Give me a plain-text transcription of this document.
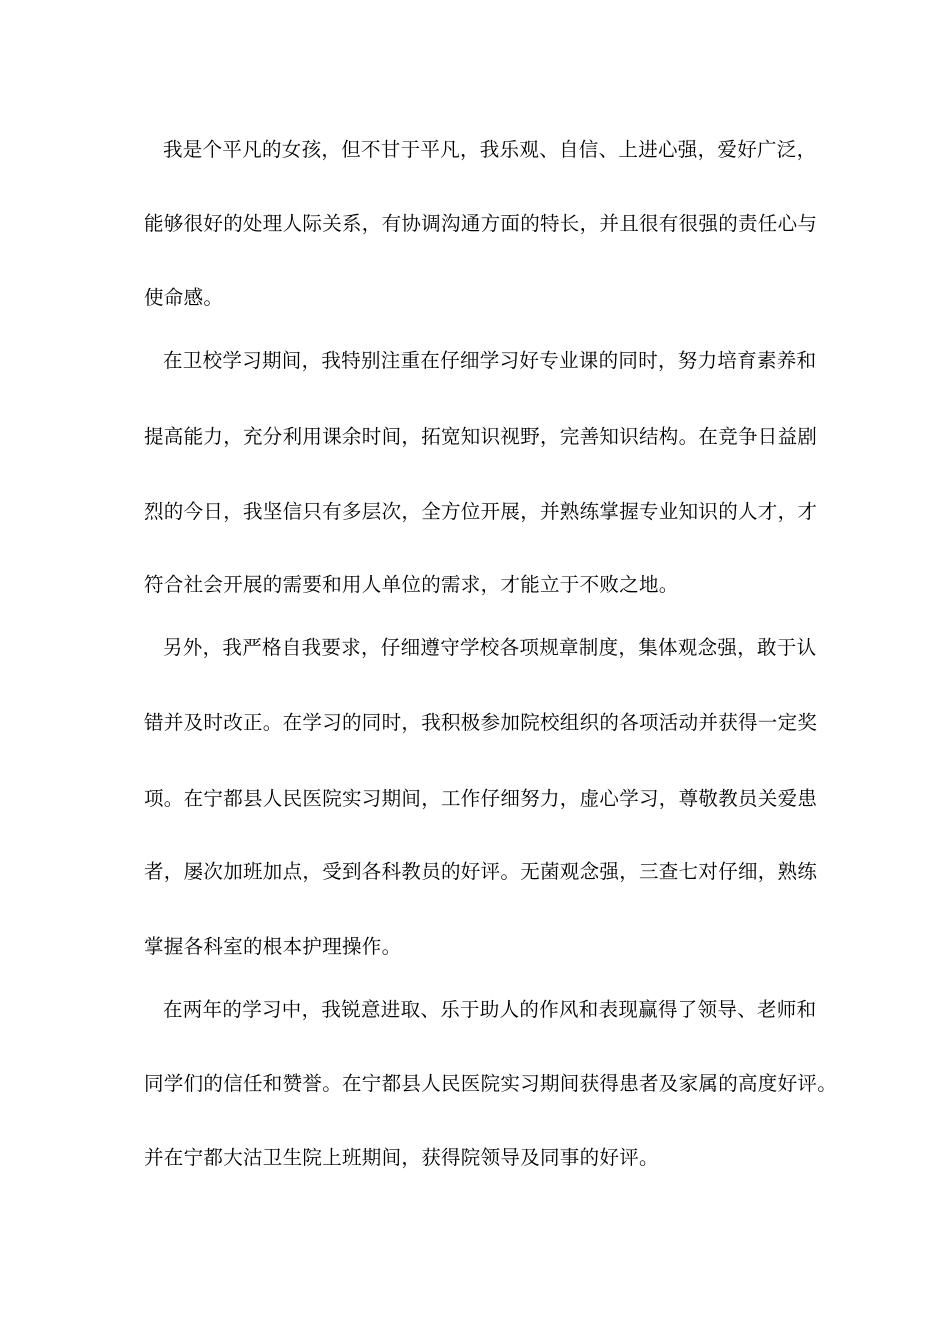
我是个平凡的女孩，但不甘于平凡，我乐观、自信、上进心强，爱好广泛，
能够很好的处理人际关系，有协调沟通方面的特长，并且很有很强的责任心与
使命感。
在卫校学习期间，我特别注重在仔细学习好专业课的同时，努力培育素养和
提高能力，充分利用课余时间，拓宽知识视野，完善知识结构。在竞争日益剧
烈的今日，我坚信只有多层次，全方位开展，并熟练掌握专业知识的人才，才
符合社会开展的需要和用人单位的需求，才能立于不败之地。
另外，我严格自我要求，仔细遵守学校各项规章制度，集体观念强，敢于认
错并及时改正。在学习的同时，我积极参加院校组织的各项活动并获得一定奖
项。在宁都县人民医院实习期间，工作仔细努力，虚心学习，尊敬教员关爱患
者，屡次加班加点，受到各科教员的好评。无菌观念强，三查七对仔细，熟练
掌握各科室的根本护理操作。
在两年的学习中，我锐意进取、乐于助人的作风和表现赢得了领导、老师和
同学们的信任和赞誉。在宁都县人民医院实习期间获得患者及家属的高度好评。
并在宁都大沽卫生院上班期间，获得院领导及同事的好评。
